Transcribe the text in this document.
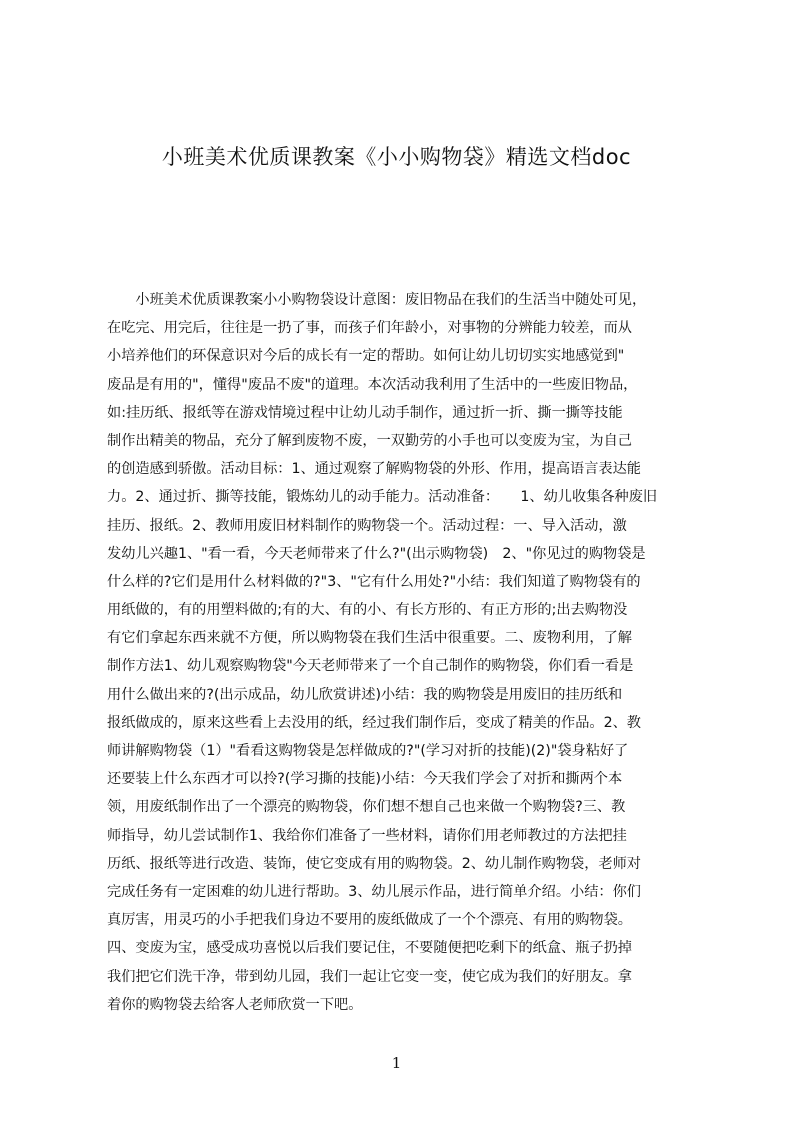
小班美术优质课教案《小小购物袋》精选文档doc
　　小班美术优质课教案小小购物袋设计意图：废旧物品在我们的生活当中随处可见，
在吃完、用完后，往往是一扔了事，而孩子们年龄小，对事物的分辨能力较差，而从
小培养他们的环保意识对今后的成长有一定的帮助。如何让幼儿切切实实地感觉到"
废品是有用的"，懂得"废品不废"的道理。本次活动我利用了生活中的一些废旧物品，
如:挂历纸、报纸等在游戏情境过程中让幼儿动手制作，通过折一折、撕一撕等技能
制作出精美的物品，充分了解到废物不废，一双勤劳的小手也可以变废为宝，为自己
的创造感到骄傲。活动目标：1、通过观察了解购物袋的外形、作用，提高语言表达能
力。2、通过折、撕等技能，锻炼幼儿的动手能力。活动准备：　　1、幼儿收集各种废旧
挂历、报纸。2、教师用废旧材料制作的购物袋一个。活动过程：一、导入活动，激
发幼儿兴趣1、"看一看，今天老师带来了什么?"(出示购物袋)　2、"你见过的购物袋是
什么样的?它们是用什么材料做的?"3、"它有什么用处?"小结：我们知道了购物袋有的
用纸做的，有的用塑料做的;有的大、有的小、有长方形的、有正方形的;出去购物没
有它们拿起东西来就不方便，所以购物袋在我们生活中很重要。二、废物利用，了解
制作方法1、幼儿观察购物袋"今天老师带来了一个自己制作的购物袋，你们看一看是
用什么做出来的?(出示成品，幼儿欣赏讲述)小结：我的购物袋是用废旧的挂历纸和
报纸做成的，原来这些看上去没用的纸，经过我们制作后，变成了精美的作品。2、教
师讲解购物袋（1）"看看这购物袋是怎样做成的?"(学习对折的技能)(2)"袋身粘好了
还要装上什么东西才可以拎?(学习撕的技能)小结：今天我们学会了对折和撕两个本
领，用废纸制作出了一个漂亮的购物袋，你们想不想自己也来做一个购物袋?三、教
师指导，幼儿尝试制作1、我给你们准备了一些材料，请你们用老师教过的方法把挂
历纸、报纸等进行改造、装饰，使它变成有用的购物袋。2、幼儿制作购物袋，老师对
完成任务有一定困难的幼儿进行帮助。3、幼儿展示作品，进行简单介绍。小结：你们
真厉害，用灵巧的小手把我们身边不要用的废纸做成了一个个漂亮、有用的购物袋。
四、变废为宝，感受成功喜悦以后我们要记住，不要随便把吃剩下的纸盒、瓶子扔掉
我们把它们洗干净，带到幼儿园，我们一起让它变一变，使它成为我们的好朋友。拿
着你的购物袋去给客人老师欣赏一下吧。
1
